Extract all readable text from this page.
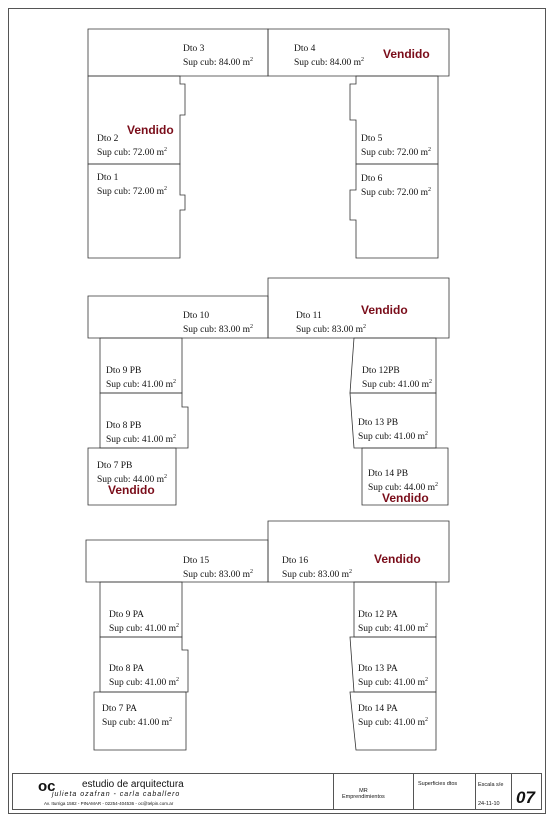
Dto 3
Sup cub: 84.00 $m^2$
Dto 4
Sup cub: 84.00 $m^2$ Vendido
Dto 2
Sup cub: 72.00 $m^2$
Vendido
Dto 1
Sup cub: 72.00 $m^2$
Dto 5
Sup cub: 72.00 $m^2$
Dto 6
Sup cub: 72.00 $m^2$
Dto 10
Sup cub: 83.00 $m^2$
Dto 11
Sup cub: 83.00 $m^2$
Vendido
Dto 9 PB
Sup cub: 41.00 $m^2$
Dto 8 PB
Sup cub: 41.00 $m^2$
Dto 7 PB
Sup cub: 44.00 $m^2$
Vendido
Dto 12PB
Sup cub: 41.00 $m^2$
Dto 13 PB
Sup cub: 41.00 $m^2$
Dto 14 PB
Sup cub: 44.00 $m^2$
Vendido
Dto 15
Sup cub: 83.00 $m^2$
Dto 16
Sup cub: 83.00 $m^2$
Vendido
Dto 9 PA
Sup cub: 41.00 $m^2$
Dto 8 PA
Sup cub: 41.00 $m^2$
Dto 7 PA
Sup cub: 41.00 $m^2$
Dto 12 PA
Sup cub: 41.00 $m^2$
Dto 13 PA
Sup cub: 41.00 $m^2$
Dto 14 PA
Sup cub: 41.00 $m^2$
oc	estudio de arquitectura
julieta ozafran - carla caballero
Av. Iturriga 1582 - PINAMAR - 02254-404536 - oc@telpin.com.ar
MR
Emprendimientos
Superficies dtos	Escala s/e
24-11-10 07
